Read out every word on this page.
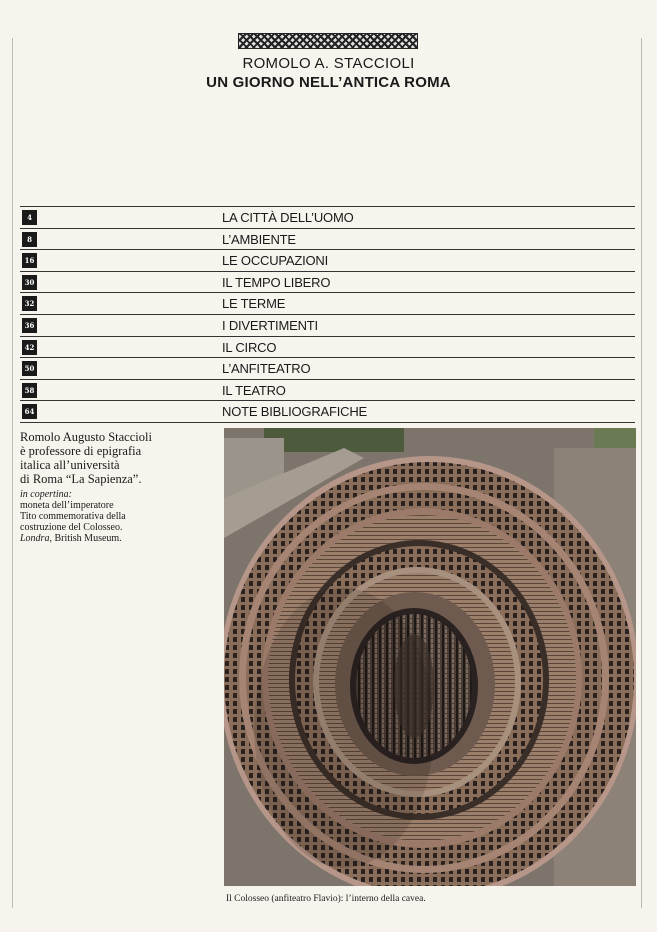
ROMOLO A. STACCIOLI
UN GIORNO NELL’ANTICA ROMA
4	LA CITTÀ DELL’UOMO
8	L’AMBIENTE
16	LE OCCUPAZIONI
30	IL TEMPO LIBERO
32	LE TERME
36	I DIVERTIMENTI
42	IL CIRCO
50	L’ANFITEATRO
58	IL TEATRO
64	NOTE BIBLIOGRAFICHE
Romolo Augusto Staccioli
è professore di epigrafia
italica all’università
di Roma “La Sapienza”.
in copertina:
moneta dell’imperatore
Tito commemorativa della
costruzione del Colosseo.
Londra, British Museum.
Il Colosseo (anfiteatro Flavio): l’interno della cavea.
